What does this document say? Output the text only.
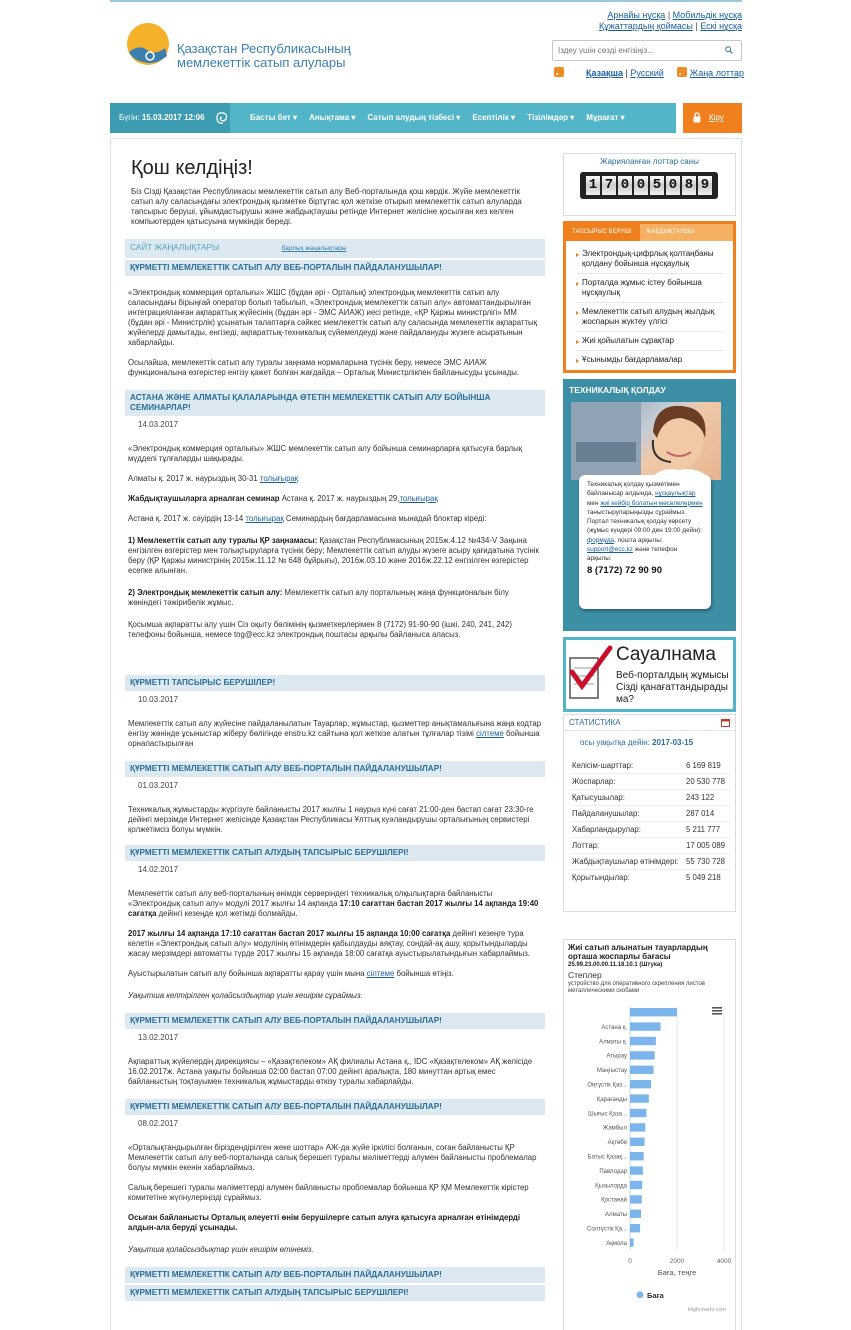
Қазақстан Республикасының
мемлекеттік сатып алулары
Арнайы нұсқа | Мобильдік нұсқа
Құжаттардың қоймасы | Ескі нұсқа
Іздеу үшін сөзді енгізіңіз...
Қазақша | Русский	Жаңа лоттар
Бүгін: 15.03.2017 12:06	Басты бет ▾ Анықтама ▾ Сатып алудың тізбесі ▾ Есептілік ▾ Тізілімдер ▾ Мұрағат ▾	Кіру
Қош келдіңіз!
Біз Сізді Қазақстан Республикасы мемлекеттік сатып алу Веб-порталында қош көрдік. Жүйе мемлекеттік сатып алу саласындағы электрондық қызметке біртұтас қол жеткізе отырып мемлекеттік сатып алуларда тапсырыс беруші, ұйымдастырушы және жабдықтаушы ретінде Интернет желісіне қосылған кез келген компьютерден қатысуына мүмкіндік береді.
САЙТ ЖАҢАЛЫҚТАРЫ	барлық жаңалықтары
ҚҰРМЕТТІ МЕМЛЕКЕТТІК САТЫП АЛУ ВЕБ-ПОРТАЛЫН ПАЙДАЛАНУШЫЛАР!
«Электрондық коммерция орталығы» ЖШС (бұдан әрі - Орталық) электрондық мемлекеттік сатып алу саласындағы бірыңғай оператор болып табылып, «Электрондық мемлекеттік сатып алу» автоматтандырылған интеграцияланған ақпараттық жүйесінің (бұдан әрі - ЭМС АИАЖ) иесі ретінде, «ҚР Қаржы министрлігі» ММ (бұдан әрі - Министрлік) ұсынатын талаптарға сәйкес мемлекеттік сатып алу саласында мемлекеттік ақпараттық жүйелерді дамытады, енгізеді, ақпараттық-техникалық сүйемелдеуді және пайдалануды жүзеге асыратынын хабарлайды.
Осылайша, мемлекеттік сатып алу туралы заңнама нормаларына түсінік беру, немесе ЭМС АИАЖ функционалына өзгерістер енгізу қажет болған жағдайда – Орталық Министрлікпен байланысуды ұсынады.
АСТАНА ЖӘНЕ АЛМАТЫ ҚАЛАЛАРЫНДА ӨТЕТІН МЕМЛЕКЕТТІК САТЫП АЛУ БОЙЫНША СЕМИНАРЛАР!
14.03.2017
«Электрондық коммерция орталығы» ЖШС мемлекеттік сатып алу бойынша семинарларға қатысуға барлық мүдделі тұлғаларды шақырады.
Алматы қ. 2017 ж. наурыздың 30-31 толығырақ
Жабдықтаушыларға арналған семинар Астана қ. 2017 ж. наурыздың 29,толығырақ
Астана қ. 2017 ж. сәуірдің 13-14 толығырақ Семинардың бағдарламасына мынадай блоктар кіреді:
1) Мемлекеттік сатып алу туралы ҚР заңнамасы: Қазақстан Республикасының 2015ж.4.12 №434-V Заңына енгізілген өзгерістер мен толықтыруларға түсінік беру; Мемлекеттік сатып алуды жүзеге асыру қағидатына түсінік беру (ҚР Қаржы министрінің 2015ж.11.12 № 648 бұйрығы), 2016ж.03.10 және 2016ж.22.12 енгізілген өзгерістер есепке алынған.
2) Электрондық мемлекеттік сатып алу: Мемлекеттік сатып алу порталының жаңа функционалын білу жөніндегі тәжірибелік жұмыс.
Қосымша ақпаратты алу үшін Сіз оқыту бөлімінің қызметкерлерімен 8 (7172) 91-90-90 (ішкі. 240, 241, 242) телефоны бойынша, немесе tng@ecc.kz электрондық поштасы арқылы байланыса аласыз.
ҚҰРМЕТТІ ТАПСЫРЫС БЕРУШІЛЕР!
10.03.2017
Мемлекеттік сатып алу жүйесіне пайдаланылатын Тауарлар, жұмыстар, қызметтер анықтамалығына жаңа кодтар енгізу жөнінде ұсыныстар жіберу бөлігінде enstru.kz сайтына қол жеткізе алатын тұлғалар тізімі сілтеме бойынша орналастырылған
ҚҰРМЕТТІ МЕМЛЕКЕТТІК САТЫП АЛУ ВЕБ-ПОРТАЛЫН ПАЙДАЛАНУШЫЛАР!
01.03.2017
Техникалық жұмыстарды жүргізуге байланысты 2017 жылғы 1 наурыз күні сағат 21:00-ден бастап сағат 23:30-ге дейінгі мерзімде Интернет желісінде Қазақстан Республикасы Ұлттық куәландырушы орталығының сервистері қолжетімсіз болуы мүмкін.
ҚҰРМЕТТІ МЕМЛЕКЕТТІК САТЫП АЛУДЫҢ ТАПСЫРЫС БЕРУШІЛЕРІ!
14.02.2017
Мемлекеттік сатып алу веб-порталының өнімдік серверіндегі техникалық олқылықтарға байланысты «Электрондық сатып алу» модулі 2017 жылғы 14 ақпанда 17:10 сағаттан бастап 2017 жылғы 14 ақпанда 19:40 сағатқа дейінгі кезеңде қол жетімді болмайды.
2017 жылғы 14 ақпанда 17:10 сағаттан бастап 2017 жылғы 15 ақпанда 10:00 сағатқа дейінгі кезеңге тура келетін «Электрондық сатып алу» модулінің өтінімдерін қабылдауды аяқтау, сондай-ақ ашу, қорытындыларды жасау мерзімдері автоматты түрде 2017 жылғы 15 ақпанда 18:00 сағатқа ауыстырылатындығын хабарлаймыз.
Ауыстырылатын сатып алу бойынша ақпаратты қарау үшін мына сілтеме бойынша өтіңіз.
Уақытша келтірілген қолайсыздықтар үшін кешірім сұраймыз.
ҚҰРМЕТТІ МЕМЛЕКЕТТІК САТЫП АЛУ ВЕБ-ПОРТАЛЫН ПАЙДАЛАНУШЫЛАР!
13.02.2017
Ақпараттық жүйелердің дирекциясы – «Қазақтелеком» АҚ филиалы Астана қ., IDC «Қазақтелеком» АҚ желісіде 16.02.2017ж. Астана уақыты бойынша 02:00 бастап 07:00 дейінгі аралықта, 180 минуттан артық емес байланыстың тоқтауымен техникалық жұмыстарды өткізу туралы хабарлайды.
ҚҰРМЕТТІ МЕМЛЕКЕТТІК САТЫП АЛУ ВЕБ-ПОРТАЛЫН ПАЙДАЛАНУШЫЛАР!
08.02.2017
«Орталықтандырылған біріздендірілген жеке шоттар» АЖ-да жүйе іркілісі болғанын, соған байланысты ҚР Мемлекеттік сатып алу веб-порталында салық берешегі туралы мәліметтерді алумен байланысты проблемалар болуы мүмкін екенін хабарлаймыз.
Салық берешегі туралы мәліметтерді алумен байланысты проблемалар бойынша ҚР ҚМ Мемлекеттік кірістер комитетіне жүгінулеріңізді сұраймыз.
Осыған байланысты Орталық әлеуетті өнім берушілерге сатып алуға қатысуға арналған өтінімдерді алдын-ала беруді ұсынады.
Уақытша қолайсыздықтар үшін кешірім өтінеміз.
ҚҰРМЕТТІ МЕМЛЕКЕТТІК САТЫП АЛУ ВЕБ-ПОРТАЛЫН ПАЙДАЛАНУШЫЛАР!
ҚҰРМЕТТІ МЕМЛЕКЕТТІК САТЫП АЛУДЫҢ ТАПСЫРЫС БЕРУШІЛЕРІ!
Жарияланған лоттар саны
1 7 0 0 5 0 8 9
ТАПСЫРЫС БЕРУШІ	ЖАБДЫҚТАУШЫ
Электрондық-цифрлық қолтаңбаны қолдану бойынша нұсқаулық
Порталда жұмыс істеу бойынша нұсқаулық
Мемлекеттік сатып алудың жылдық жоспарын жүктеу үлгісі
Жиі қойылатын сұрақтар
Ұсынымды бағдарламалар
ТЕХНИКАЛЫҚ ҚОЛДАУ
Техникалық қолдау қызметімен байланысар алдында, нұсқаулықтар мен жиі кейбір болатын мәселелермен таныстыруларыңызды сұраймыз. Портал техникалық қолдау көрсету (жұмыс күндері 09:00 ден 19:00 дейін): формуда, пошта арқылы: support@ecc.kz және телефон арқылы:
8 (7172) 72 90 90
Сауалнама
Веб-порталдың жұмысы Сізді қанағаттандырады ма?
СТАТИСТИКА
осы уақытқа дейін: 2017-03-15
Келісім-шарттар:	6 169 819
Жоспарлар:	20 530 778
Қатысушылар:	243 122
Пайдаланушылар:	287 014
Хабарландырулар:	5 211 777
Лоттар:	17 005 089
Жабдықтаушылар өтінімдері:	55 730 728
Қорытындылар:	5 049 218
Жиі сатып алынатын тауарлардың орташа жоспарлы бағасы
25.99.23.00.00.11.18.10.1 (Штука)
Степлер
устройство для оперативного скрепления листов металлическими скобами
0	2000	4000
Астана қ.
Алматы қ.
Атырау
Маңғыстау
Оңтүстік Қаз...
Қарағанды
Шығыс Қаза...
Жамбыл
Ақтөбе
Батыс Қазақ...
Павлодар
Қызылорда
Қостанай
Алматы
Солтүстік Қа...
Ақмола
Баға, теңге
Баға
Highcharts.com
